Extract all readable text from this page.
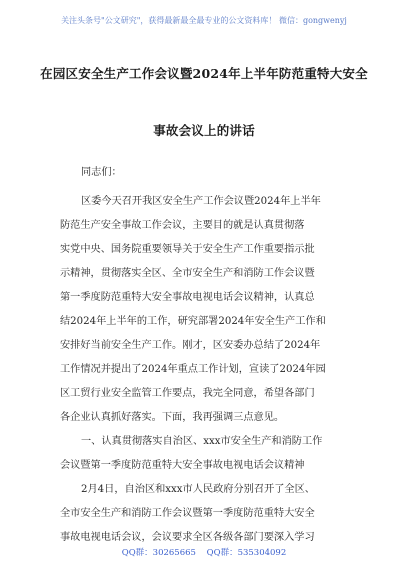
关注头条号"公文研究"，获得最新最全最专业的公文资料库！ 微信：gongwenyj
在园区安全生产工作会议暨2024年上半年防范重特大安全
事故会议上的讲话
同志们：
区委今天召开我区安全生产工作会议暨2024年上半年
防范生产安全事故工作会议，主要目的就是认真贯彻落
实党中央、国务院重要领导关于安全生产工作重要指示批
示精神，贯彻落实全区、全市安全生产和消防工作会议暨
第一季度防范重特大安全事故电视电话会议精神，认真总
结2024年上半年的工作，研究部署2024年安全生产工作和
安排好当前安全生产工作。刚才，区安委办总结了2024年
工作情况并提出了2024年重点工作计划，宣读了2024年园
区工贸行业安全监管工作要点，我完全同意，希望各部门
各企业认真抓好落实。下面，我再强调三点意见。
一、认真贯彻落实自治区、xxx市安全生产和消防工作
会议暨第一季度防范重特大安全事故电视电话会议精神
2月4日，自治区和xxx市人民政府分别召开了全区、
全市安全生产和消防工作会议暨第一季度防范重特大安全
事故电视电话会议，会议要求全区各级各部门要深入学习
QQ群：30265665 QQ群：535304092
